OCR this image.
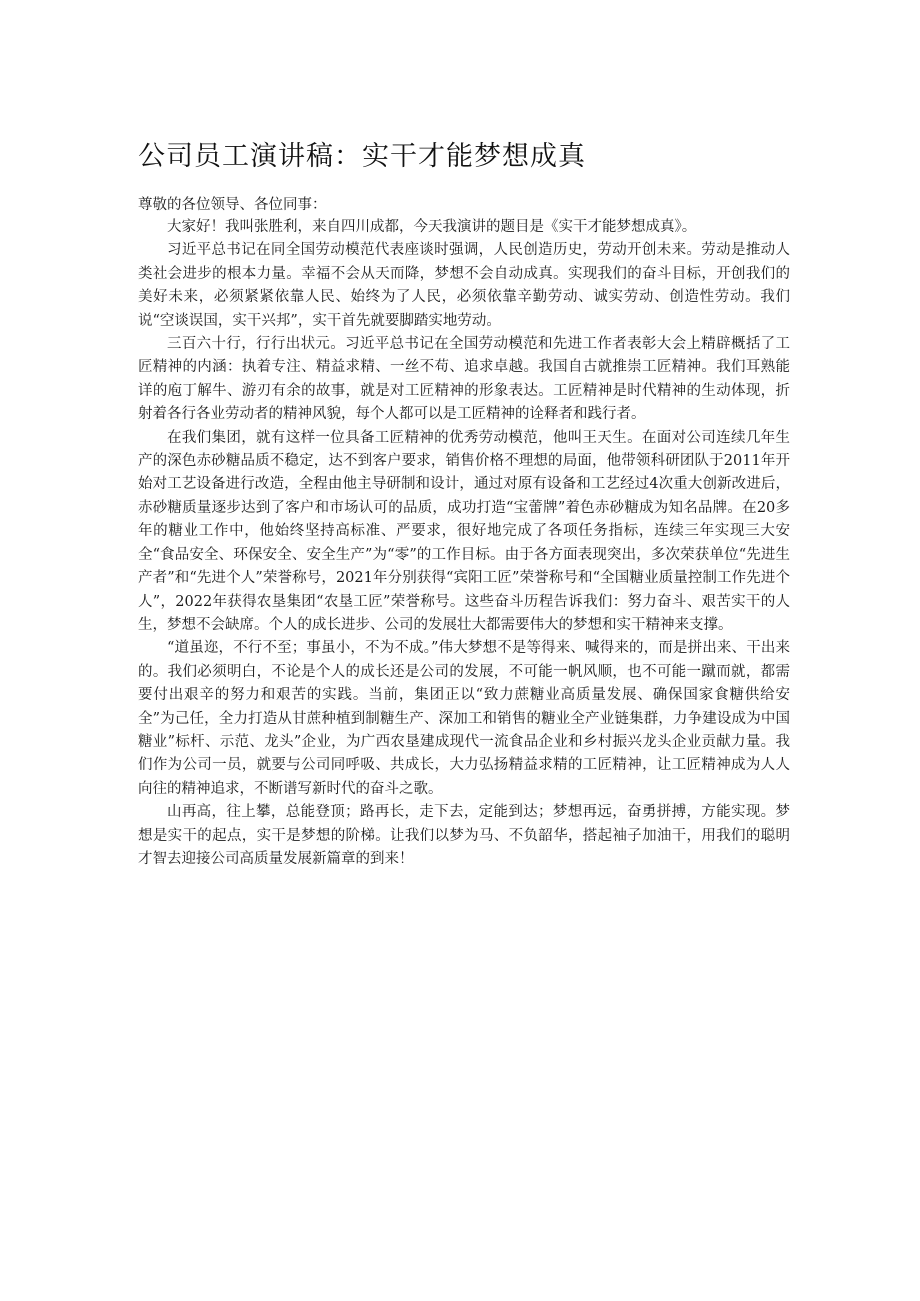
公司员工演讲稿：实干才能梦想成真

尊敬的各位领导、各位同事：

大家好！我叫张胜利，来自四川成都，今天我演讲的题目是《实干才能梦想成真》。

习近平总书记在同全国劳动模范代表座谈时强调，人民创造历史，劳动开创未来。劳动是推动人类社会进步的根本力量。幸福不会从天而降，梦想不会自动成真。实现我们的奋斗目标，开创我们的美好未来，必须紧紧依靠人民、始终为了人民，必须依靠辛勤劳动、诚实劳动、创造性劳动。我们说“空谈误国，实干兴邦”，实干首先就要脚踏实地劳动。

三百六十行，行行出状元。习近平总书记在全国劳动模范和先进工作者表彰大会上精辟概括了工匠精神的内涵：执着专注、精益求精、一丝不苟、追求卓越。我国自古就推崇工匠精神。我们耳熟能详的庖丁解牛、游刃有余的故事，就是对工匠精神的形象表达。工匠精神是时代精神的生动体现，折射着各行各业劳动者的精神风貌，每个人都可以是工匠精神的诠释者和践行者。

在我们集团，就有这样一位具备工匠精神的优秀劳动模范，他叫王天生。在面对公司连续几年生产的深色赤砂糖品质不稳定，达不到客户要求，销售价格不理想的局面，他带领科研团队于2011年开始对工艺设备进行改造，全程由他主导研制和设计，通过对原有设备和工艺经过4次重大创新改进后，赤砂糖质量逐步达到了客户和市场认可的品质，成功打造“宝蕾牌”着色赤砂糖成为知名品牌。在20多年的糖业工作中，他始终坚持高标准、严要求，很好地完成了各项任务指标，连续三年实现三大安全“食品安全、环保安全、安全生产”为“零”的工作目标。由于各方面表现突出，多次荣获单位“先进生产者”和“先进个人”荣誉称号，2021年分别获得“宾阳工匠”荣誉称号和“全国糖业质量控制工作先进个人”，2022年获得农垦集团“农垦工匠”荣誉称号。这些奋斗历程告诉我们：努力奋斗、艰苦实干的人生，梦想不会缺席。个人的成长进步、公司的发展壮大都需要伟大的梦想和实干精神来支撑。

“道虽迩，不行不至；事虽小，不为不成。”伟大梦想不是等得来、喊得来的，而是拼出来、干出来的。我们必须明白，不论是个人的成长还是公司的发展，不可能一帆风顺，也不可能一蹴而就，都需要付出艰辛的努力和艰苦的实践。当前，集团正以“致力蔗糖业高质量发展、确保国家食糖供给安全”为己任，全力打造从甘蔗种植到制糖生产、深加工和销售的糖业全产业链集群，力争建设成为中国糖业”标杆、示范、龙头”企业，为广西农垦建成现代一流食品企业和乡村振兴龙头企业贡献力量。我们作为公司一员，就要与公司同呼吸、共成长，大力弘扬精益求精的工匠精神，让工匠精神成为人人向往的精神追求，不断谱写新时代的奋斗之歌。

山再高，往上攀，总能登顶；路再长，走下去，定能到达；梦想再远，奋勇拼搏，方能实现。梦想是实干的起点，实干是梦想的阶梯。让我们以梦为马、不负韶华，搭起袖子加油干，用我们的聪明才智去迎接公司高质量发展新篇章的到来！
